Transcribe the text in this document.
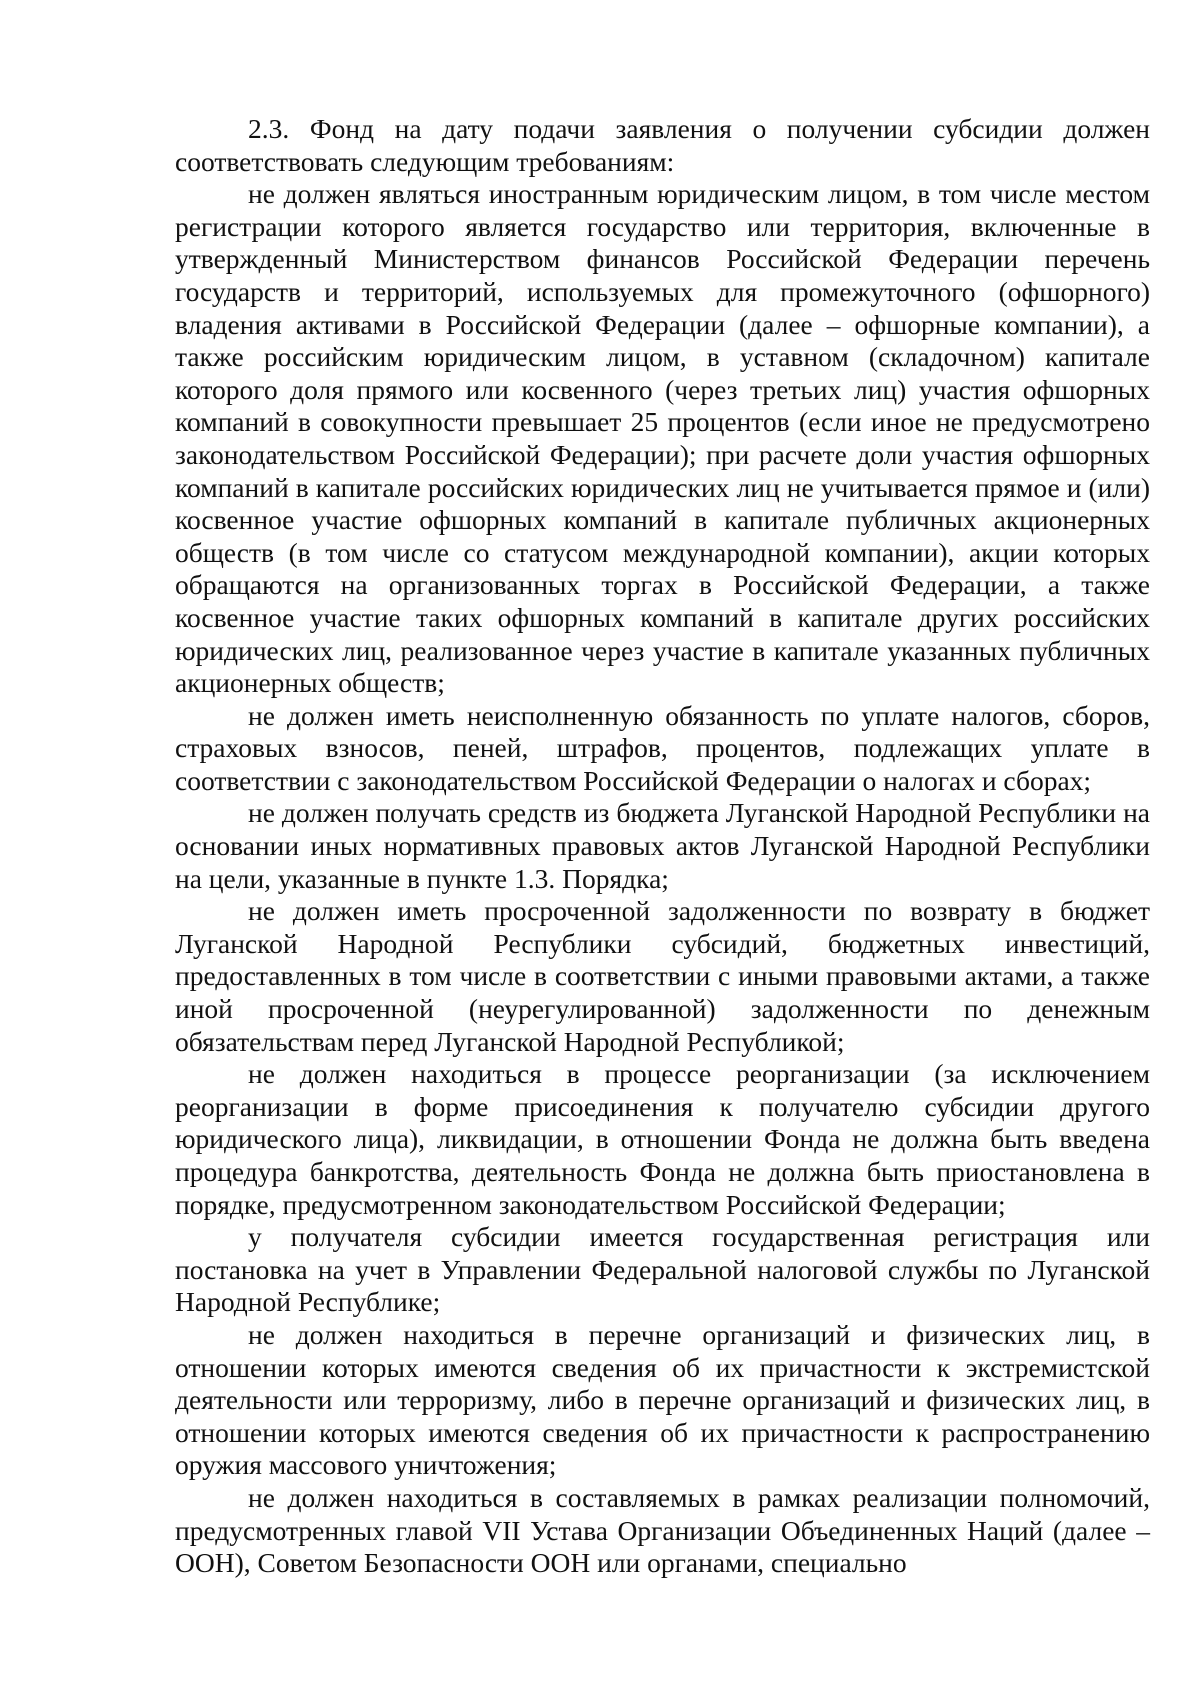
2.3. Фонд на дату подачи заявления о получении субсидии должен соответствовать следующим требованиям:

не должен являться иностранным юридическим лицом, в том числе местом регистрации которого является государство или территория, включенные в утвержденный Министерством финансов Российской Федерации перечень государств и территорий, используемых для промежуточного (офшорного) владения активами в Российской Федерации (далее – офшорные компании), а также российским юридическим лицом, в уставном (складочном) капитале которого доля прямого или косвенного (через третьих лиц) участия офшорных компаний в совокупности превышает 25 процентов (если иное не предусмотрено законодательством Российской Федерации); при расчете доли участия офшорных компаний в капитале российских юридических лиц не учитывается прямое и (или) косвенное участие офшорных компаний в капитале публичных акционерных обществ (в том числе со статусом международной компании), акции которых обращаются на организованных торгах в Российской Федерации, а также косвенное участие таких офшорных компаний в капитале других российских юридических лиц, реализованное через участие в капитале указанных публичных акционерных обществ;

не должен иметь неисполненную обязанность по уплате налогов, сборов, страховых взносов, пеней, штрафов, процентов, подлежащих уплате в соответствии с законодательством Российской Федерации о налогах и сборах;

не должен получать средств из бюджета Луганской Народной Республики на основании иных нормативных правовых актов Луганской Народной Республики на цели, указанные в пункте 1.3. Порядка;

не должен иметь просроченной задолженности по возврату в бюджет Луганской Народной Республики субсидий, бюджетных инвестиций, предоставленных в том числе в соответствии с иными правовыми актами, а также иной просроченной (неурегулированной) задолженности по денежным обязательствам перед Луганской Народной Республикой;

не должен находиться в процессе реорганизации (за исключением реорганизации в форме присоединения к получателю субсидии другого юридического лица), ликвидации, в отношении Фонда не должна быть введена процедура банкротства, деятельность Фонда не должна быть приостановлена в порядке, предусмотренном законодательством Российской Федерации;

у получателя субсидии имеется государственная регистрация или постановка на учет в Управлении Федеральной налоговой службы по Луганской Народной Республике;

не должен находиться в перечне организаций и физических лиц, в отношении которых имеются сведения об их причастности к экстремистской деятельности или терроризму, либо в перечне организаций и физических лиц, в отношении которых имеются сведения об их причастности к распространению оружия массового уничтожения;

не должен находиться в составляемых в рамках реализации полномочий, предусмотренных главой VII Устава Организации Объединенных Наций (далее – ООН), Советом Безопасности ООН или органами, специально
